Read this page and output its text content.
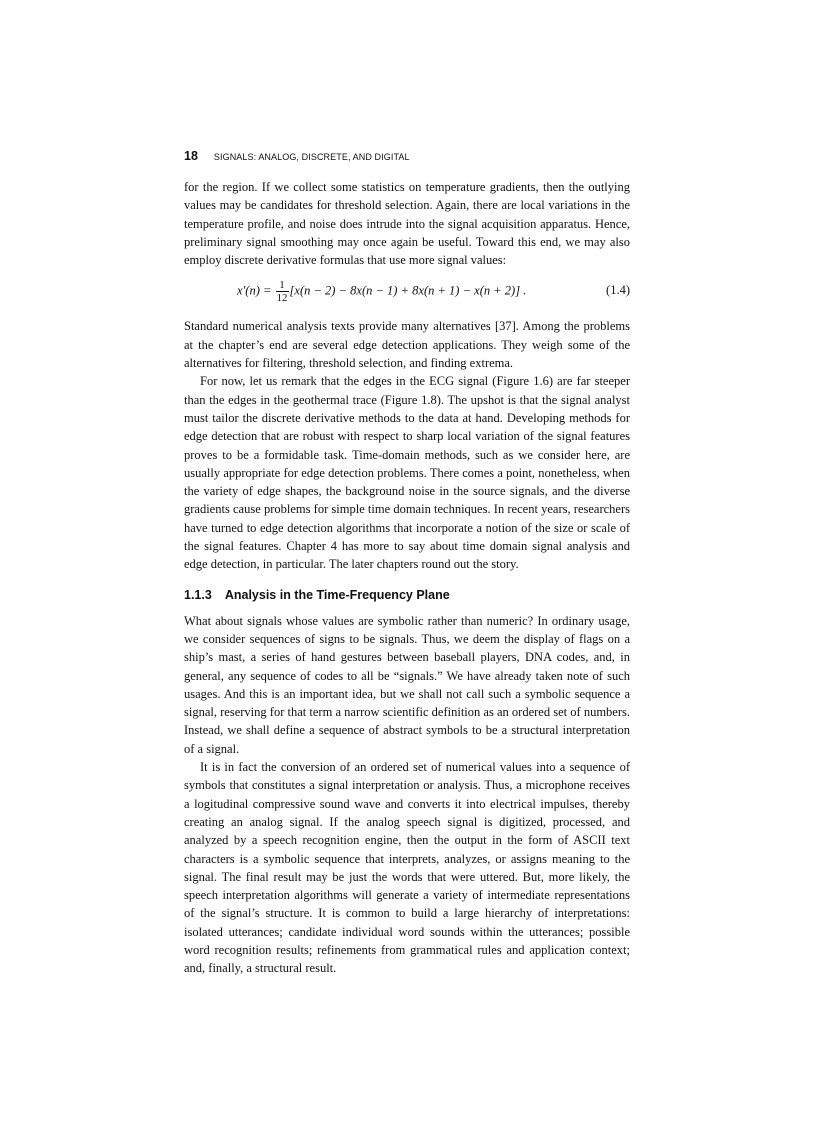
18 SIGNALS: ANALOG, DISCRETE, AND DIGITAL

for the region. If we collect some statistics on temperature gradients, then the outlying values may be candidates for threshold selection. Again, there are local variations in the temperature profile, and noise does intrude into the signal acquisition apparatus. Hence, preliminary signal smoothing may once again be useful. Toward this end, we may also employ discrete derivative formulas that use more signal values:

$x'(n) = \frac{1}{12} [x(n - 2) - 8x(n - 1) + 8x(n + 1) - x(n + 2)]$ .	(1.4)

Standard numerical analysis texts provide many alternatives [37]. Among the problems at the chapter’s end are several edge detection applications. They weigh some of the alternatives for filtering, threshold selection, and finding extrema.

For now, let us remark that the edges in the ECG signal (Figure 1.6) are far steeper than the edges in the geothermal trace (Figure 1.8). The upshot is that the signal analyst must tailor the discrete derivative methods to the data at hand. Developing methods for edge detection that are robust with respect to sharp local variation of the signal features proves to be a formidable task. Time-domain methods, such as we consider here, are usually appropriate for edge detection problems. There comes a point, nonetheless, when the variety of edge shapes, the background noise in the source signals, and the diverse gradients cause problems for simple time domain techniques. In recent years, researchers have turned to edge detection algorithms that incorporate a notion of the size or scale of the signal features. Chapter 4 has more to say about time domain signal analysis and edge detection, in particular. The later chapters round out the story.

1.1.3 Analysis in the Time-Frequency Plane

What about signals whose values are symbolic rather than numeric? In ordinary usage, we consider sequences of signs to be signals. Thus, we deem the display of flags on a ship’s mast, a series of hand gestures between baseball players, DNA codes, and, in general, any sequence of codes to all be “signals.” We have already taken note of such usages. And this is an important idea, but we shall not call such a symbolic sequence a signal, reserving for that term a narrow scientific definition as an ordered set of numbers. Instead, we shall define a sequence of abstract symbols to be a structural interpretation of a signal.

It is in fact the conversion of an ordered set of numerical values into a sequence of symbols that constitutes a signal interpretation or analysis. Thus, a microphone receives a logitudinal compressive sound wave and converts it into electrical impulses, thereby creating an analog signal. If the analog speech signal is digitized, processed, and analyzed by a speech recognition engine, then the output in the form of ASCII text characters is a symbolic sequence that interprets, analyzes, or assigns meaning to the signal. The final result may be just the words that were uttered. But, more likely, the speech interpretation algorithms will generate a variety of intermediate representations of the signal’s structure. It is common to build a large hierarchy of interpretations: isolated utterances; candidate individual word sounds within the utterances; possible word recognition results; refinements from grammatical rules and application context; and, finally, a structural result.
